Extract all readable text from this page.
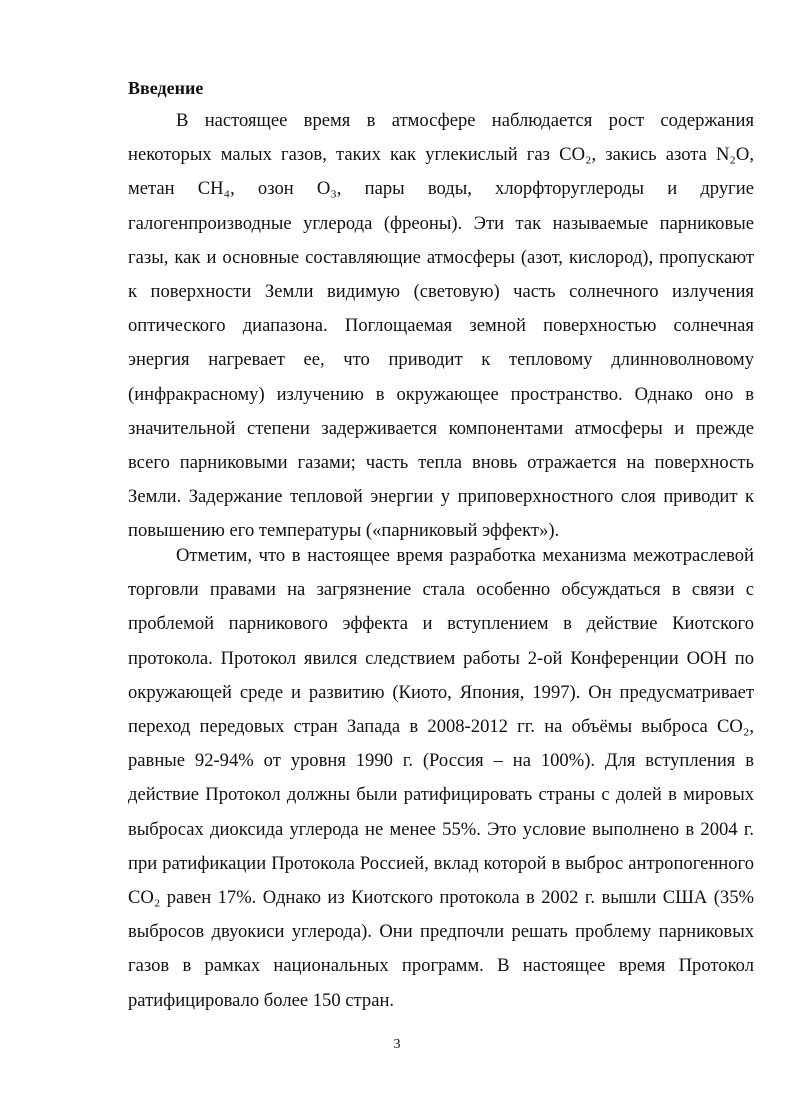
Введение

В настоящее время в атмосфере наблюдается рост содержания некоторых малых газов, таких как углекислый газ CO₂, закись азота N₂O, метан CH₄, озон O₃, пары воды, хлорфторуглероды и другие галогенпроизводные углерода (фреоны). Эти так называемые парниковые газы, как и основные составляющие атмосферы (азот, кислород), пропускают к поверхности Земли видимую (световую) часть солнечного излучения оптического диапазона. Поглощаемая земной поверхностью солнечная энергия нагревает ее, что приводит к тепловому длинноволновому (инфракрасному) излучению в окружающее пространство. Однако оно в значительной степени задерживается компонентами атмосферы и прежде всего парниковыми газами; часть тепла вновь отражается на поверхность Земли. Задержание тепловой энергии у приповерхностного слоя приводит к повышению его температуры («парниковый эффект»).

Отметим, что в настоящее время разработка механизма межотраслевой торговли правами на загрязнение стала особенно обсуждаться в связи с проблемой парникового эффекта и вступлением в действие Киотского протокола. Протокол явился следствием работы 2-ой Конференции ООН по окружающей среде и развитию (Киото, Япония, 1997). Он предусматривает переход передовых стран Запада в 2008-2012 гг. на объёмы выброса CO₂, равные 92-94% от уровня 1990 г. (Россия – на 100%). Для вступления в действие Протокол должны были ратифицировать страны с долей в мировых выбросах диоксида углерода не менее 55%. Это условие выполнено в 2004 г. при ратификации Протокола Россией, вклад которой в выброс антропогенного CO₂ равен 17%. Однако из Киотского протокола в 2002 г. вышли США (35% выбросов двуокиси углерода). Они предпочли решать проблему парниковых газов в рамках национальных программ. В настоящее время Протокол ратифицировало более 150 стран.

3
